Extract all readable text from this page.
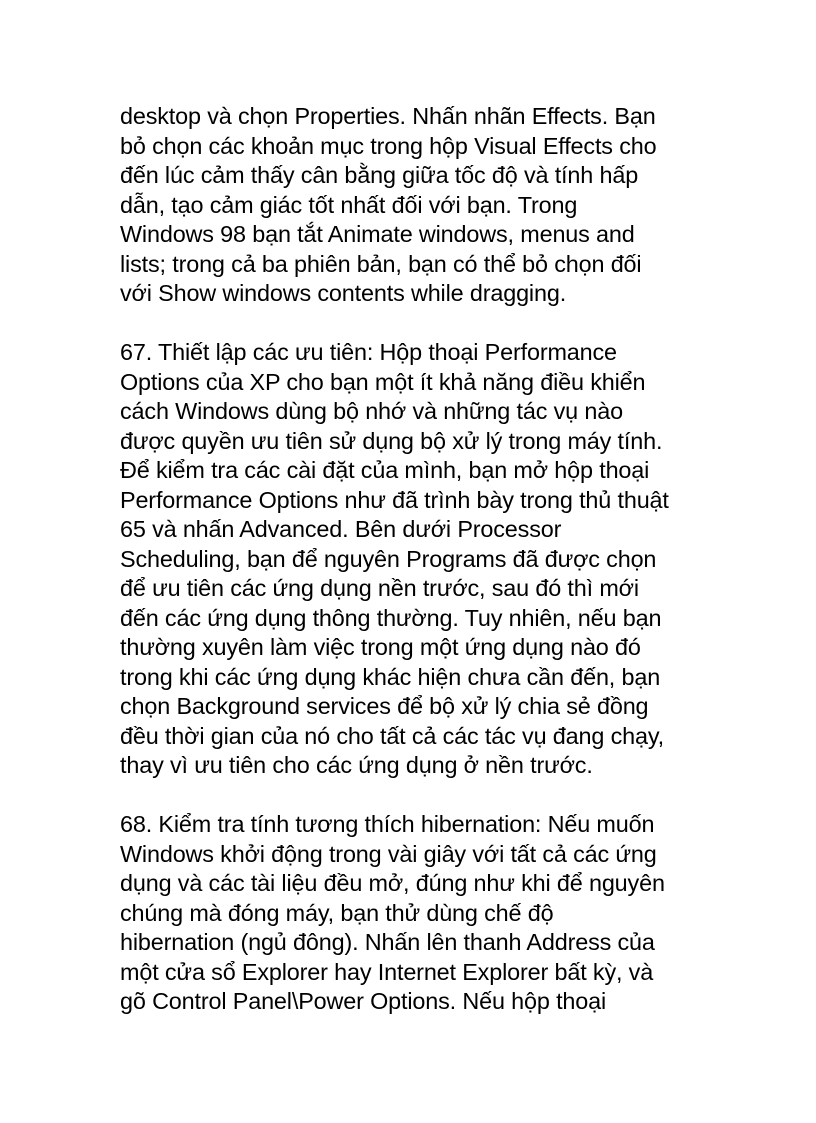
desktop và chọn Properties. Nhấn nhãn Effects. Bạn
bỏ chọn các khoản mục trong hộp Visual Effects cho
đến lúc cảm thấy cân bằng giữa tốc độ và tính hấp
dẫn, tạo cảm giác tốt nhất đối với bạn. Trong
Windows 98 bạn tắt Animate windows, menus and
lists; trong cả ba phiên bản, bạn có thể bỏ chọn đối
với Show windows contents while dragging.

67. Thiết lập các ưu tiên: Hộp thoại Performance
Options của XP cho bạn một ít khả năng điều khiển
cách Windows dùng bộ nhớ và những tác vụ nào
được quyền ưu tiên sử dụng bộ xử lý trong máy tính.
Để kiểm tra các cài đặt của mình, bạn mở hộp thoại
Performance Options như đã trình bày trong thủ thuật
65 và nhấn Advanced. Bên dưới Processor
Scheduling, bạn để nguyên Programs đã được chọn
để ưu tiên các ứng dụng nền trước, sau đó thì mới
đến các ứng dụng thông thường. Tuy nhiên, nếu bạn
thường xuyên làm việc trong một ứng dụng nào đó
trong khi các ứng dụng khác hiện chưa cần đến, bạn
chọn Background services để bộ xử lý chia sẻ đồng
đều thời gian của nó cho tất cả các tác vụ đang chạy,
thay vì ưu tiên cho các ứng dụng ở nền trước.

68. Kiểm tra tính tương thích hibernation: Nếu muốn
Windows khởi động trong vài giây với tất cả các ứng
dụng và các tài liệu đều mở, đúng như khi để nguyên
chúng mà đóng máy, bạn thử dùng chế độ
hibernation (ngủ đông). Nhấn lên thanh Address của
một cửa sổ Explorer hay Internet Explorer bất kỳ, và
gõ Control Panel\Power Options. Nếu hộp thoại
